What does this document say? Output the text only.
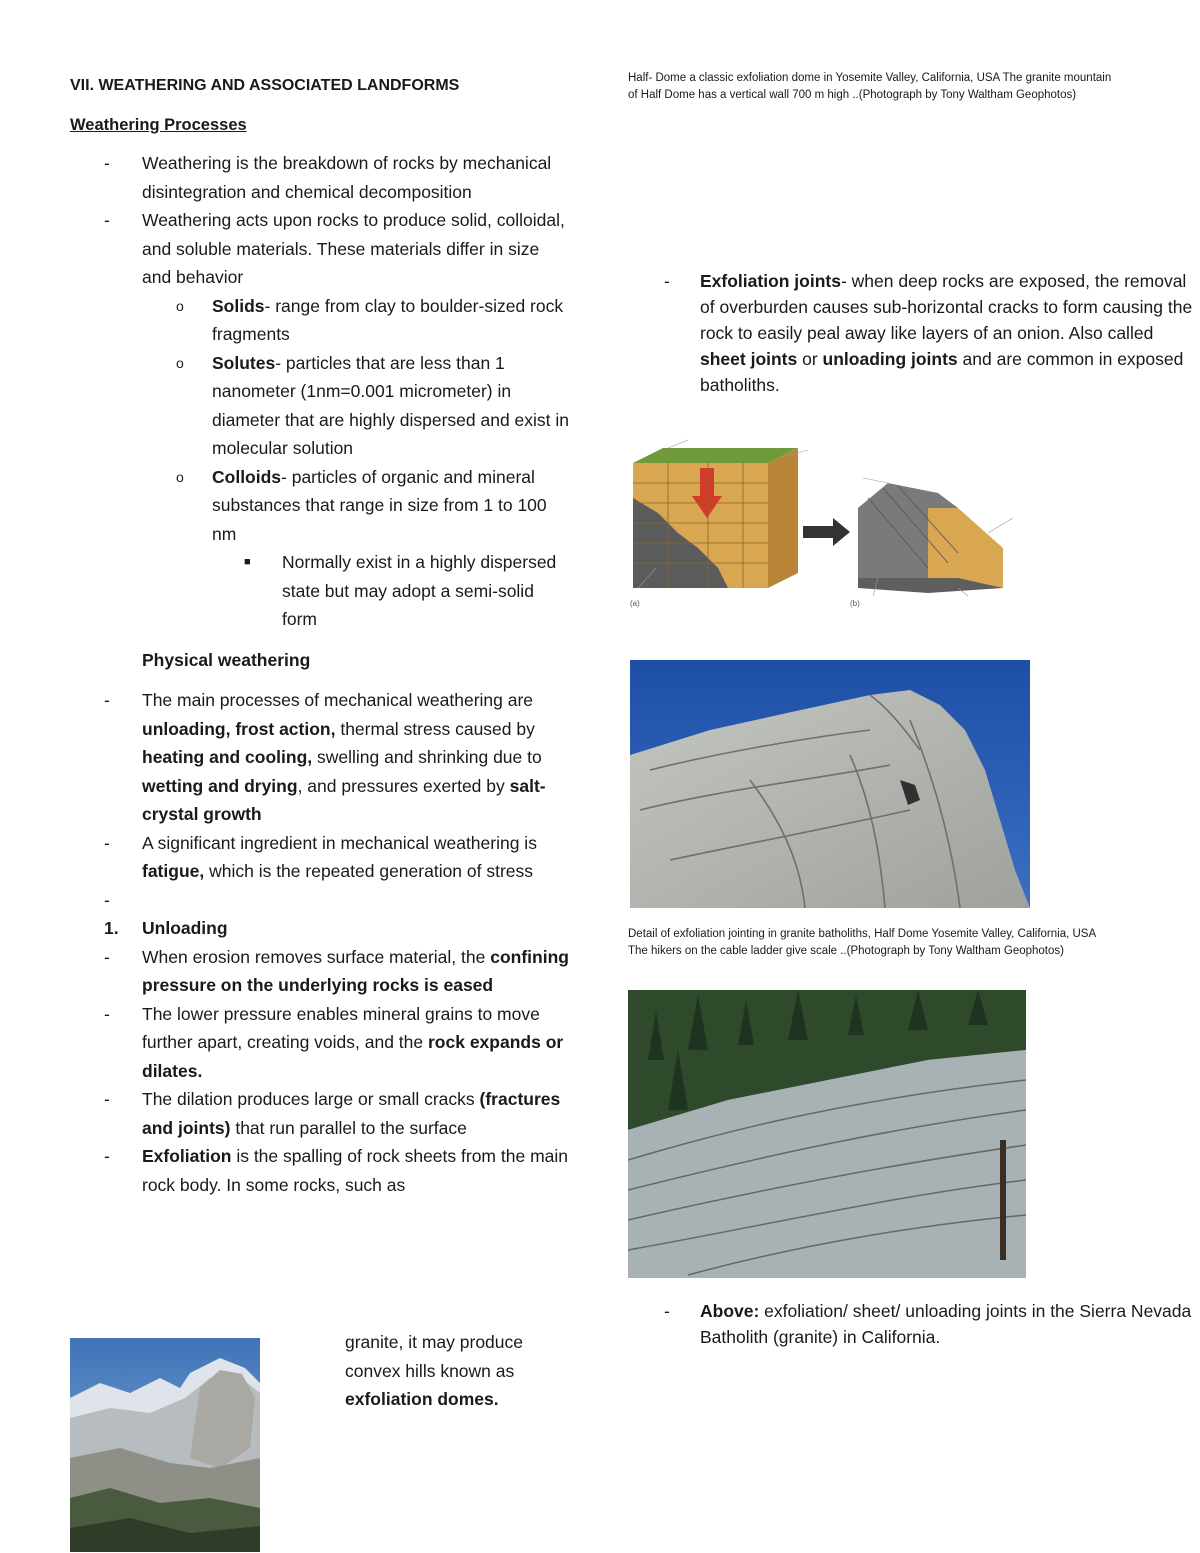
VII. WEATHERING AND ASSOCIATED LANDFORMS
Weathering Processes
- Weathering is the breakdown of rocks by mechanical disintegration and chemical decomposition
- Weathering acts upon rocks to produce solid, colloidal, and soluble materials. These materials differ in size and behavior
o Solids- range from clay to boulder-sized rock fragments
o Solutes- particles that are less than 1 nanometer (1nm=0.001 micrometer) in diameter that are highly dispersed and exist in molecular solution
o Colloids- particles of organic and mineral substances that range in size from 1 to 100 nm
■ Normally exist in a highly dispersed state but may adopt a semi-solid form
Physical weathering
- The main processes of mechanical weathering are unloading, frost action, thermal stress caused by heating and cooling, swelling and shrinking due to wetting and drying, and pressures exerted by salt-crystal growth
- A significant ingredient in mechanical weathering is fatigue, which is the repeated generation of stress
-

1. Unloading
- When erosion removes surface material, the confining pressure on the underlying rocks is eased
- The lower pressure enables mineral grains to move further apart, creating voids, and the rock expands or dilates.
- The dilation produces large or small cracks (fractures and joints) that run parallel to the surface
- Exfoliation is the spalling of rock sheets from the main rock body. In some rocks, such as
granite, it may produce convex hills known as exfoliation domes.
Half- Dome a classic exfoliation dome in Yosemite Valley, California, USA The granite mountain of Half Dome has a vertical wall 700 m high ..(Photograph by Tony Waltham Geophotos)
- Exfoliation joints- when deep rocks are exposed, the removal of overburden causes sub-horizontal cracks to form causing the rock to easily peal away like layers of an onion. Also called sheet joints or unloading joints and are common in exposed batholiths.
(a)	(b)
Detail of exfoliation jointing in granite batholiths, Half Dome Yosemite Valley, California, USA The hikers on the cable ladder give scale ..(Photograph by Tony Waltham Geophotos)
- Above: exfoliation/ sheet/ unloading joints in the Sierra Nevada Batholith (granite) in California.
